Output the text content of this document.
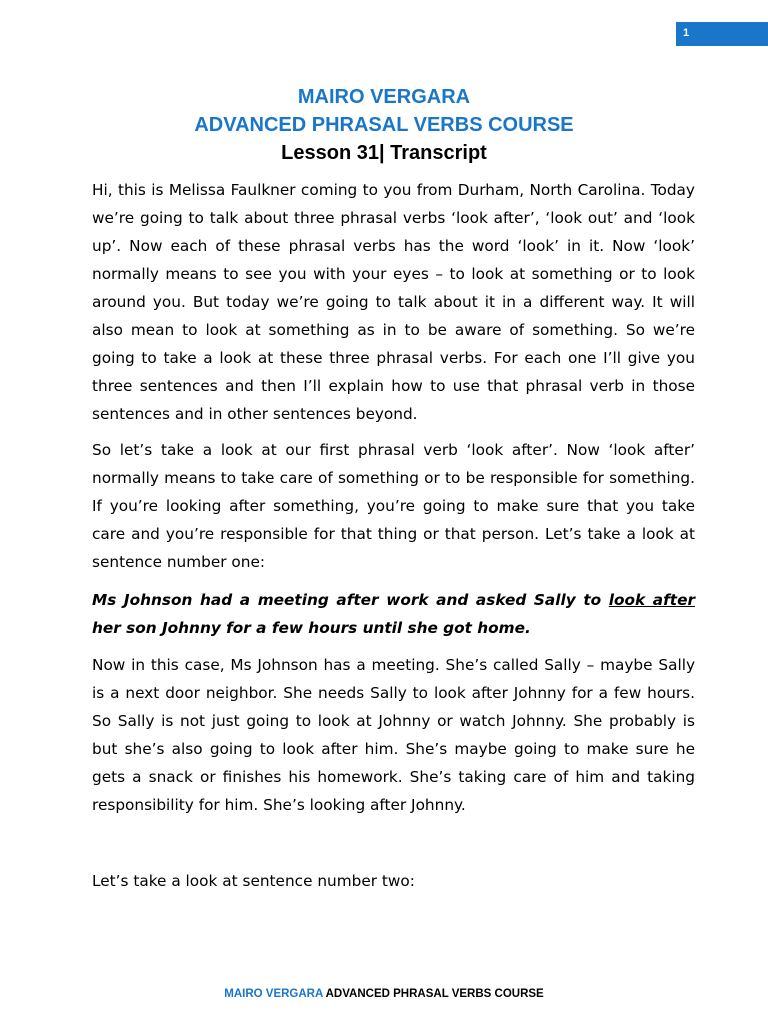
1
MAIRO VERGARA
ADVANCED PHRASAL VERBS COURSE
Lesson 31| Transcript

Hi, this is Melissa Faulkner coming to you from Durham, North Carolina. Today we’re going to talk about three phrasal verbs ‘look after’, ‘look out’ and ‘look up’. Now each of these phrasal verbs has the word ‘look’ in it. Now ‘look’ normally means to see you with your eyes – to look at something or to look around you. But today we’re going to talk about it in a different way. It will also mean to look at something as in to be aware of something. So we’re going to take a look at these three phrasal verbs. For each one I’ll give you three sentences and then I’ll explain how to use that phrasal verb in those sentences and in other sentences beyond.

So let’s take a look at our first phrasal verb ‘look after’. Now ‘look after’ normally means to take care of something or to be responsible for something. If you’re looking after something, you’re going to make sure that you take care and you’re responsible for that thing or that person. Let’s take a look at sentence number one:

Ms Johnson had a meeting after work and asked Sally to look after her son Johnny for a few hours until she got home.

Now in this case, Ms Johnson has a meeting. She’s called Sally – maybe Sally is a next door neighbor. She needs Sally to look after Johnny for a few hours. So Sally is not just going to look at Johnny or watch Johnny. She probably is but she’s also going to look after him. She’s maybe going to make sure he gets a snack or finishes his homework. She’s taking care of him and taking responsibility for him. She’s looking after Johnny.

Let’s take a look at sentence number two:

MAIRO VERGARA ADVANCED PHRASAL VERBS COURSE
